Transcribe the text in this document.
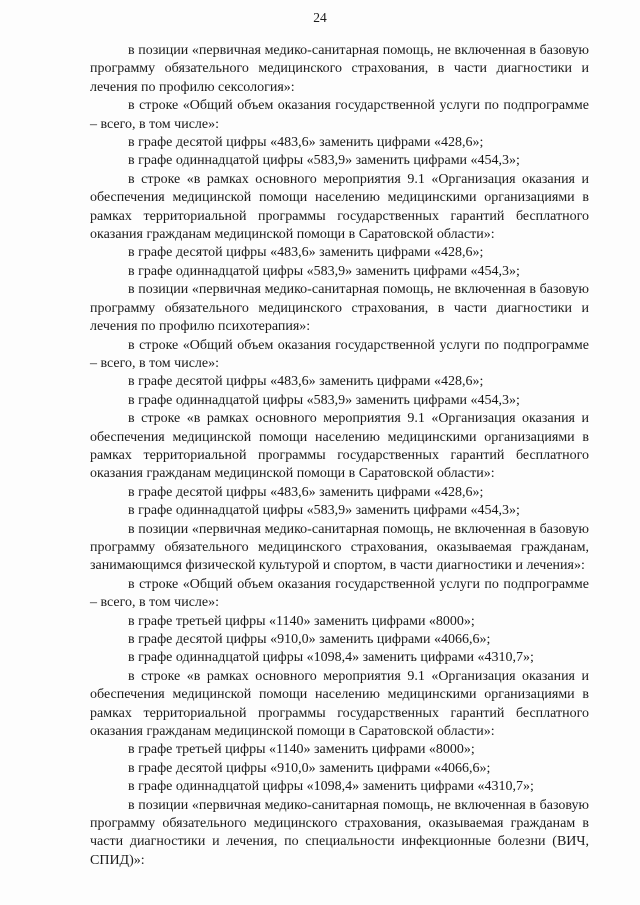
24

в позиции «первичная медико-санитарная помощь, не включенная в базовую программу обязательного медицинского страхования, в части диагностики и лечения по профилю сексология»:

в строке «Общий объем оказания государственной услуги по подпрограмме – всего, в том числе»:

в графе десятой цифры «483,6» заменить цифрами «428,6»;

в графе одиннадцатой цифры «583,9» заменить цифрами «454,3»;

в строке «в рамках основного мероприятия 9.1 «Организация оказания и обеспечения медицинской помощи населению медицинскими организациями в рамках территориальной программы государственных гарантий бесплатного оказания гражданам медицинской помощи в Саратовской области»:

в графе десятой цифры «483,6» заменить цифрами «428,6»;

в графе одиннадцатой цифры «583,9» заменить цифрами «454,3»;

в позиции «первичная медико-санитарная помощь, не включенная в базовую программу обязательного медицинского страхования, в части диагностики и лечения по профилю психотерапия»:

в строке «Общий объем оказания государственной услуги по подпрограмме – всего, в том числе»:

в графе десятой цифры «483,6» заменить цифрами «428,6»;

в графе одиннадцатой цифры «583,9» заменить цифрами «454,3»;

в строке «в рамках основного мероприятия 9.1 «Организация оказания и обеспечения медицинской помощи населению медицинскими организациями в рамках территориальной программы государственных гарантий бесплатного оказания гражданам медицинской помощи в Саратовской области»:

в графе десятой цифры «483,6» заменить цифрами «428,6»;

в графе одиннадцатой цифры «583,9» заменить цифрами «454,3»;

в позиции «первичная медико-санитарная помощь, не включенная в базовую программу обязательного медицинского страхования, оказываемая гражданам, занимающимся физической культурой и спортом, в части диагностики и лечения»:

в строке «Общий объем оказания государственной услуги по подпрограмме – всего, в том числе»:

в графе третьей цифры «1140» заменить цифрами «8000»;

в графе десятой цифры «910,0» заменить цифрами «4066,6»;

в графе одиннадцатой цифры «1098,4» заменить цифрами «4310,7»;

в строке «в рамках основного мероприятия 9.1 «Организация оказания и обеспечения медицинской помощи населению медицинскими организациями в рамках территориальной программы государственных гарантий бесплатного оказания гражданам медицинской помощи в Саратовской области»:

в графе третьей цифры «1140» заменить цифрами «8000»;

в графе десятой цифры «910,0» заменить цифрами «4066,6»;

в графе одиннадцатой цифры «1098,4» заменить цифрами «4310,7»;

в позиции «первичная медико-санитарная помощь, не включенная в базовую программу обязательного медицинского страхования, оказываемая гражданам в части диагностики и лечения, по специальности инфекционные болезни (ВИЧ, СПИД)»:
